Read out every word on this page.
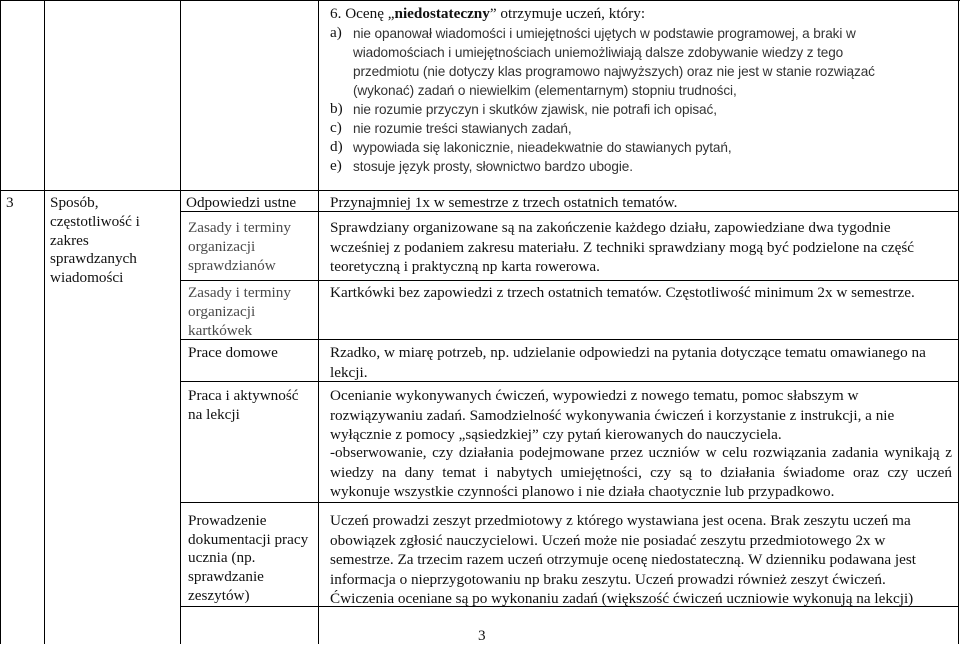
6. Ocenę „niedostateczny” otrzymuje uczeń, który:
a) nie opanował wiadomości i umiejętności ujętych w podstawie programowej, a braki w
wiadomościach i umiejętnościach uniemożliwiają dalsze zdobywanie wiedzy z tego
przedmiotu (nie dotyczy klas programowo najwyższych) oraz nie jest w stanie rozwiązać
(wykonać) zadań o niewielkim (elementarnym) stopniu trudności,
b) nie rozumie przyczyn i skutków zjawisk, nie potrafi ich opisać,
c) nie rozumie treści stawianych zadań,
d) wypowiada się lakonicznie, nieadekwatnie do stawianych pytań,
e) stosuje język prosty, słownictwo bardzo ubogie.
3 Sposób,
częstotliwość i
zakres
sprawdzanych
wiadomości
Odpowiedzi ustne Przynajmniej 1x w semestrze z trzech ostatnich tematów.
Zasady i terminy
organizacji
sprawdzianów
Sprawdziany organizowane są na zakończenie każdego działu, zapowiedziane dwa tygodnie wcześniej z podaniem zakresu materiału. Z techniki sprawdziany mogą być podzielone na część teoretyczną i praktyczną np karta rowerowa.
Zasady i terminy
organizacji
kartkówek
Kartkówki bez zapowiedzi z trzech ostatnich tematów. Częstotliwość minimum 2x w semestrze.
Prace domowe	Rzadko, w miarę potrzeb, np. udzielanie odpowiedzi na pytania dotyczące tematu omawianego na lekcji.
Praca i aktywność
na lekcji
Ocenianie wykonywanych ćwiczeń, wypowiedzi z nowego tematu, pomoc słabszym w rozwiązywaniu zadań. Samodzielność wykonywania ćwiczeń i korzystanie z instrukcji, a nie wyłącznie z pomocy „sąsiedzkiej” czy pytań kierowanych do nauczyciela.
-obserwowanie, czy działania podejmowane przez uczniów w celu rozwiązania zadania wynikają z wiedzy na dany temat i nabytych umiejętności, czy są to działania świadome oraz czy uczeń wykonuje wszystkie czynności planowo i nie działa chaotycznie lub przypadkowo.
Prowadzenie
dokumentacji pracy
ucznia (np.
sprawdzanie
zeszytów)
Uczeń prowadzi zeszyt przedmiotowy z którego wystawiana jest ocena. Brak zeszytu uczeń ma obowiązek zgłosić nauczycielowi. Uczeń może nie posiadać zeszytu przedmiotowego 2x w semestrze. Za trzecim razem uczeń otrzymuje ocenę niedostateczną. W dzienniku podawana jest informacja o nieprzygotowaniu np braku zeszytu. Uczeń prowadzi również zeszyt ćwiczeń. Ćwiczenia oceniane są po wykonaniu zadań (większość ćwiczeń uczniowie wykonują na lekcji)
3
